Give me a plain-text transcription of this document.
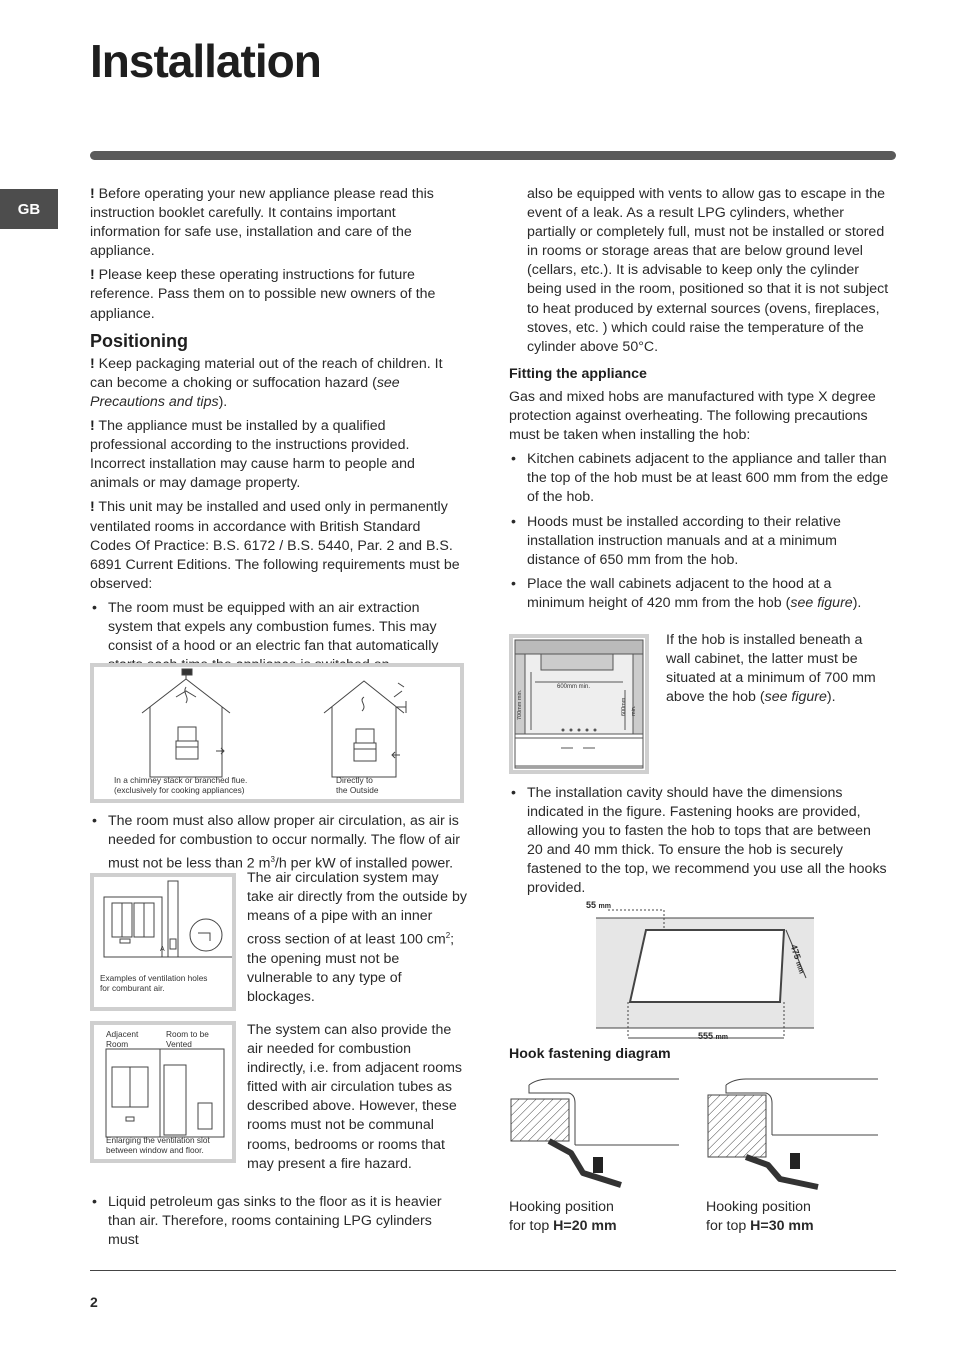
Installation
GB

! Before operating your new appliance please read this instruction booklet carefully. It contains important information for safe use, installation and care of the appliance.

! Please keep these operating instructions for future reference. Pass them on to possible new owners of the appliance.

Positioning

! Keep packaging material out of the reach of children. It can become a choking or suffocation hazard (see Precautions and tips).

! The appliance must be installed by a qualified professional according to the instructions provided. Incorrect installation may cause harm to people and animals or may damage property.

! This unit may be installed and used only in permanently ventilated rooms in accordance with British Standard Codes Of Practice: B.S. 6172 / B.S. 5440, Par. 2 and B.S. 6891 Current Editions. The following requirements must be observed:

• The room must be equipped with an air extraction system that expels any combustion fumes. This may consist of a hood or an electric fan that automatically

In a chimney stack or branched flue.
(exclusively for cooking appliances)
Directly to
the Outside

• The room must also allow proper air circulation, as air is needed for combustion to occur normally. The flow of air must not be less than 2 $m^3/h$ per kW of installed power.

A
Examples of ventilation holes
for comburant air.

The air circulation system may take air directly from the outside by means of a pipe with an inner cross section of at least 100 $cm^2$; the opening must not be vulnerable to any type of blockages.

Adjacent
Room
Room to be
Vented
Enlarging the ventilation slot
between window and floor.

The system can also provide the air needed for combustion indirectly, i.e. from adjacent rooms fitted with air circulation tubes as described above. However, these rooms must not be communal rooms, bedrooms or rooms that may present a fire hazard.

• Liquid petroleum gas sinks to the floor as it is heavier than air. Therefore, rooms containing LPG cylinders must

also be equipped with vents to allow gas to escape in the event of a leak. As a result LPG cylinders, whether partially or completely full, must not be installed or stored in rooms or storage areas that are below ground level (cellars, etc.). It is advisable to keep only the cylinder being used in the room, positioned so that it is not subject to heat produced by external sources (ovens, fireplaces, stoves, etc. ) which could raise the temperature of the cylinder above 50°C.

Fitting the appliance

Gas and mixed hobs are manufactured with type X degree protection against overheating. The following precautions must be taken when installing the hob:

• Kitchen cabinets adjacent to the appliance and taller than the top of the hob must be at least 600 mm from the edge of the hob.

• Hoods must be installed according to their relative installation instruction manuals and at a minimum distance of 650 mm from the hob.

• Place the wall cabinets adjacent to the hood at a minimum height of 420 mm from the hob (see figure).

600mm min.
700mm min.	600mm min.

If the hob is installed beneath a wall cabinet, the latter must be situated at a minimum of 700 mm above the hob (see figure).

• The installation cavity should have the dimensions indicated in the figure. Fastening hooks are provided, allowing you to fasten the hob to tops that are between 20 and 40 mm thick. To ensure the hob is securely fastened to the top, we recommend you use all the hooks provided.

55 mm
475 mm
555 mm
Hook fastening diagram
Hooking position
for top H=20 mm
Hooking position
for top H=30 mm
2
